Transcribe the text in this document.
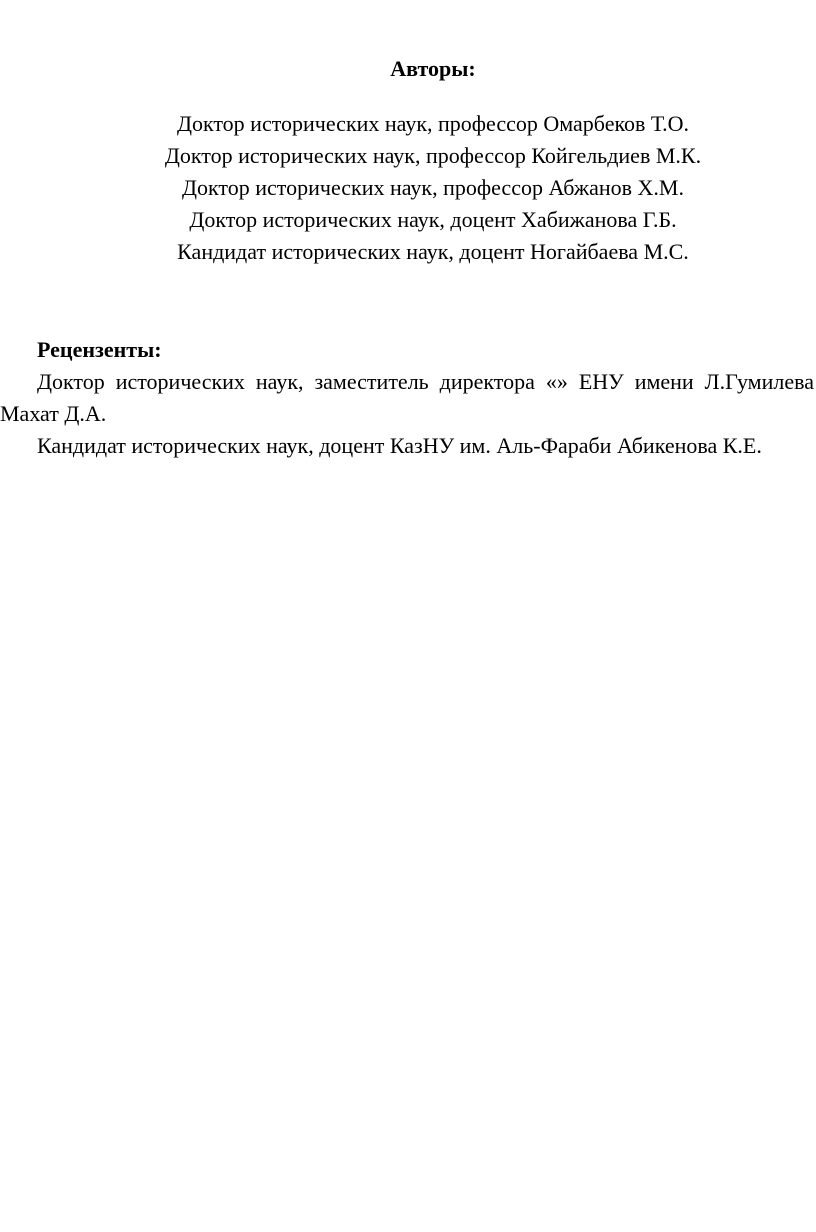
Авторы:
Доктор исторических наук, профессор Омарбеков Т.О.
Доктор исторических наук, профессор Койгельдиев М.К.
Доктор исторических наук, профессор Абжанов Х.М.
Доктор исторических наук, доцент Хабижанова Г.Б.
Кандидат исторических наук, доцент Ногайбаева М.С.
Рецензенты:

Доктор исторических наук, заместитель директора «» ЕНУ имени Л.Гумилева Махат Д.А.

Кандидат исторических наук, доцент КазНУ им. Аль-Фараби Абикенова К.Е.
